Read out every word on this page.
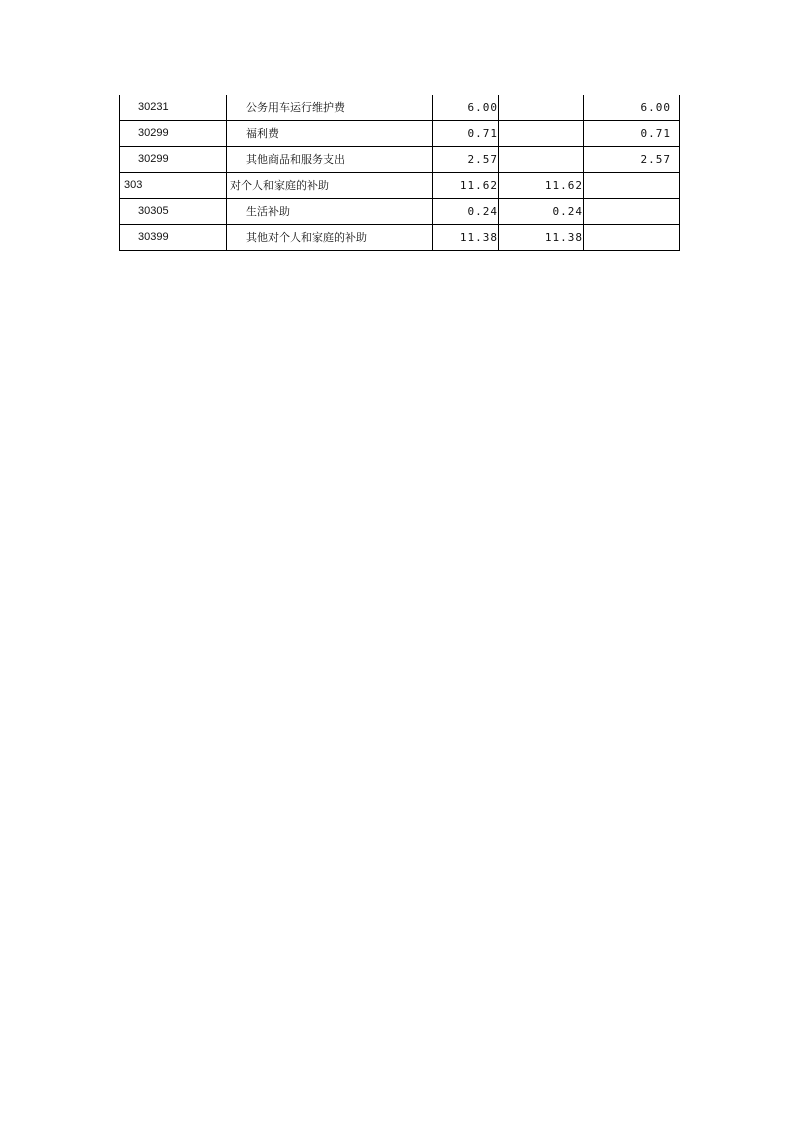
30231	公务用车运行维护费	6.00		6.00
30299	福利费	0.71		0.71
30299	其他商品和服务支出	2.57		2.57
303	对个人和家庭的补助	11.62	11.62	
30305	生活补助	0.24	0.24	
30399	其他对个人和家庭的补助	11.38	11.38	
